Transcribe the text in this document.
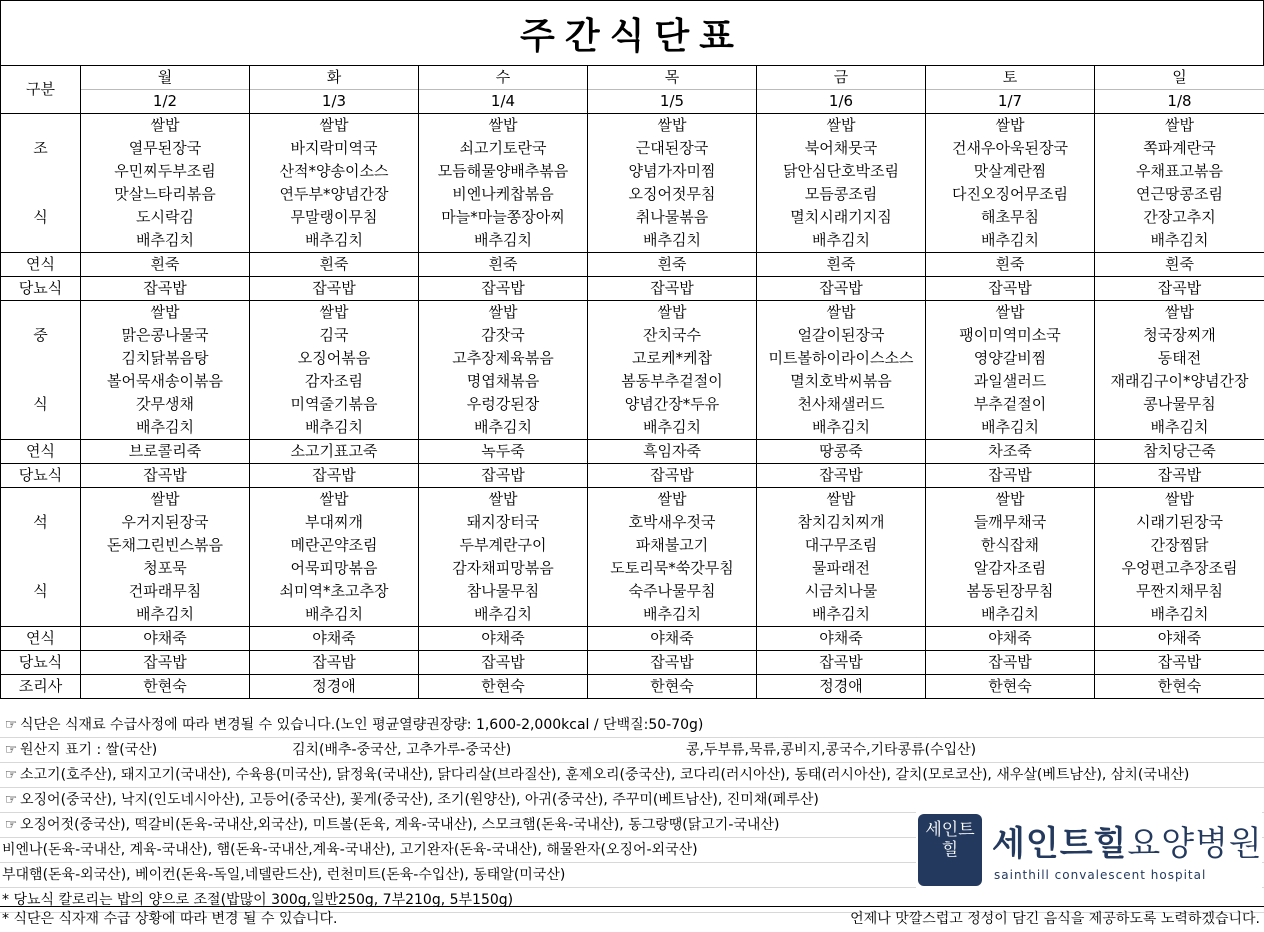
주간식단표
구분	월	화	수	목	금	토	일
	1/2	1/3	1/4	1/5	1/6	1/7	1/8
	쌀밥	쌀밥	쌀밥	쌀밥	쌀밥	쌀밥	쌀밥
조	열무된장국	바지락미역국	쇠고기토란국	근대된장국	북어채뭇국	건새우아욱된장국	쪽파계란국
	우민찌두부조림	산적*양송이소스	모듬해물양배추볶음	양념가자미찜	닭안심단호박조림	맛살계란찜	우채표고볶음
	맛살느타리볶음	연두부*양념간장	비엔나케찹볶음	오징어젓무침	모듬콩조림	다진오징어무조림	연근땅콩조림
식	도시락김	무말랭이무침	마늘*마늘쫑장아찌	취나물볶음	멸치시래기지짐	해초무침	간장고추지
	배추김치	배추김치	배추김치	배추김치	배추김치	배추김치	배추김치
연식	흰죽	흰죽	흰죽	흰죽	흰죽	흰죽	흰죽
당뇨식	잡곡밥	잡곡밥	잡곡밥	잡곡밥	잡곡밥	잡곡밥	잡곡밥
	쌀밥	쌀밥	쌀밥	쌀밥	쌀밥	쌀밥	쌀밥
중	맑은콩나물국	김국	감잣국	잔치국수	얼갈이된장국	팽이미역미소국	청국장찌개
	김치닭볶음탕	오징어볶음	고추장제육볶음	고로케*케찹	미트볼하이라이스소스	영양갈비찜	동태전
	볼어묵새송이볶음	감자조림	명엽채볶음	봄동부추겉절이	멸치호박씨볶음	과일샐러드	재래김구이*양념간장
식	갓무생채	미역줄기볶음	우렁강된장	양념간장*두유	천사채샐러드	부추겉절이	콩나물무침
	배추김치	배추김치	배추김치	배추김치	배추김치	배추김치	배추김치
연식	브로콜리죽	소고기표고죽	녹두죽	흑임자죽	땅콩죽	차조죽	참치당근죽
당뇨식	잡곡밥	잡곡밥	잡곡밥	잡곡밥	잡곡밥	잡곡밥	잡곡밥
	쌀밥	쌀밥	쌀밥	쌀밥	쌀밥	쌀밥	쌀밥
석	우거지된장국	부대찌개	돼지장터국	호박새우젓국	참치김치찌개	들깨무채국	시래기된장국
	돈채그린빈스볶음	메란곤약조림	두부계란구이	파채불고기	대구무조림	한식잡채	간장찜닭
	청포묵	어묵피망볶음	감자채피망볶음	도토리묵*쑥갓무침	물파래전	알감자조림	우엉편고추장조림
식	건파래무침	쇠미역*초고추장	참나물무침	숙주나물무침	시금치나물	봄동된장무침	무짠지채무침
	배추김치	배추김치	배추김치	배추김치	배추김치	배추김치	배추김치
연식	야채죽	야채죽	야채죽	야채죽	야채죽	야채죽	야채죽
당뇨식	잡곡밥	잡곡밥	잡곡밥	잡곡밥	잡곡밥	잡곡밥	잡곡밥
조리사	한현숙	정경애	한현숙	한현숙	정경애	한현숙	한현숙
☞ 식단은 식재료 수급사정에 따라 변경될 수 있습니다.(노인 평균열량권장량: 1,600-2,000kcal / 단백질:50-70g)
☞ 원산지 표기 : 쌀(국산)	김치(배추-중국산, 고추가루-중국산)	콩,두부류,묵류,콩비지,콩국수,기타콩류(수입산)
☞ 소고기(호주산), 돼지고기(국내산), 수육용(미국산), 닭정육(국내산), 닭다리살(브라질산), 훈제오리(중국산), 코다리(러시아산), 동태(러시아산), 갈치(모로코산), 새우살(베트남산), 삼치(국내산)
☞ 오징어(중국산), 낙지(인도네시아산), 고등어(중국산), 꽃게(중국산), 조기(원양산), 아귀(중국산), 주꾸미(베트남산), 진미채(페루산)
☞ 오징어젓(중국산), 떡갈비(돈육-국내산,외국산), 미트볼(돈육, 계육-국내산), 스모크햄(돈육-국내산), 동그랑땡(닭고기-국내산)
비엔나(돈육-국내산, 계육-국내산), 햄(돈육-국내산,계육-국내산), 고기완자(돈육-국내산), 해물완자(오징어-외국산)
부대햄(돈육-외국산), 베이컨(돈육-독일,네델란드산), 런천미트(돈육-수입산), 동태알(미국산)
* 당뇨식 칼로리는 밥의 양으로 조절(밥많이 300g,일반250g, 7부210g, 5부150g)
세인트힐 세인트힐요양병원
sainthill convalescent hospital
* 식단은 식자재 수급 상황에 따라 변경 될 수 있습니다.	언제나 맛깔스럽고 정성이 담긴 음식을 제공하도록 노력하겠습니다.
